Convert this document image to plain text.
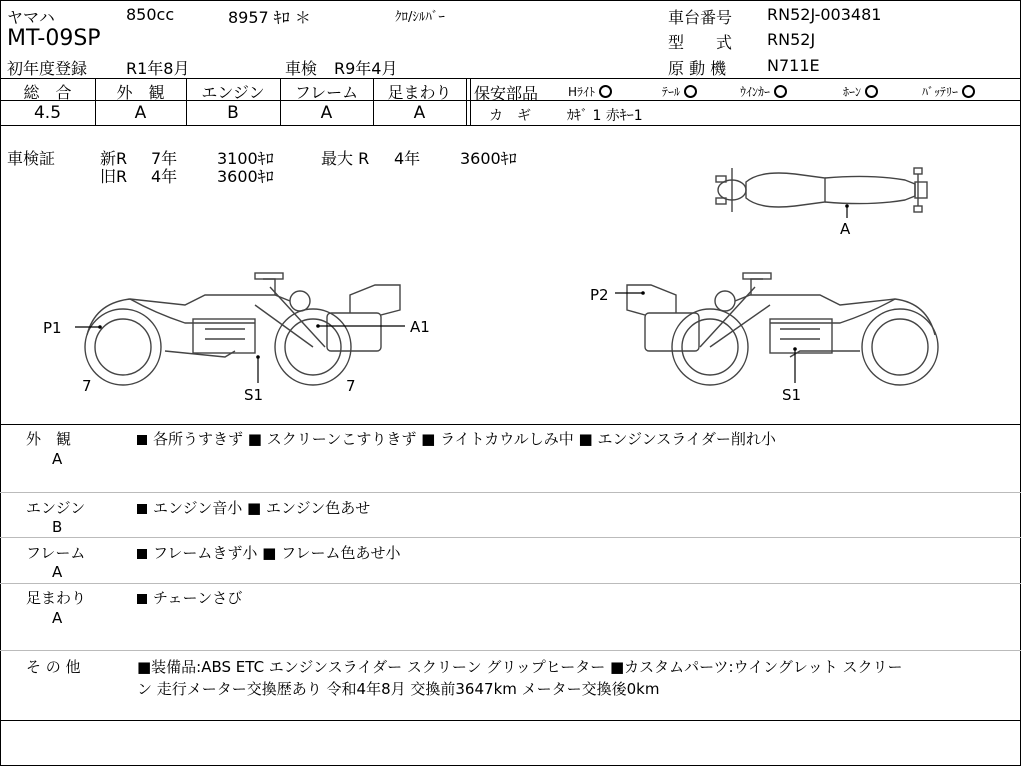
ヤマハ	850cc	8957 ｷﾛ ＊	ｸﾛ/ｼﾙﾊﾞｰ
MT-09SP
初年度登録 R1年8月	車検 R9年4月
車台番号 RN52J-003481
型　　式 RN52J
原 動 機	N711E
総　合	外　観	エンジン	フレーム	足まわり
4.5	A	B	A	A
保安部品 Hﾗｲﾄ	ﾃｰﾙ	ｳｲﾝｶｰ	ﾎｰﾝ	ﾊﾞｯﾃﾘｰ
カ　ギ	ｶｷﾞ 1 赤ｷｰ1
車検証	新R 7年 3100ｷﾛ	最大 R 4年 3600ｷﾛ
旧R 4年 3600ｷﾛ
A
P1	A1
7	7
S1
P2
S1
外　観
A
各所うすきず ■ スクリーンこすりきず ■ ライトカウルしみ中 ■ エンジンスライダー削れ小
エンジン
B
エンジン音小 ■ エンジン色あせ
フレーム
A
フレームきず小 ■ フレーム色あせ小
足まわり
A
チェーンさび
そ の 他	■装備品:ABS ETC エンジンスライダー スクリーン グリップヒーター ■カスタムパーツ:ウイングレット スクリー
ン 走行メーター交換歴あり 令和4年8月 交換前3647km メーター交換後0km
